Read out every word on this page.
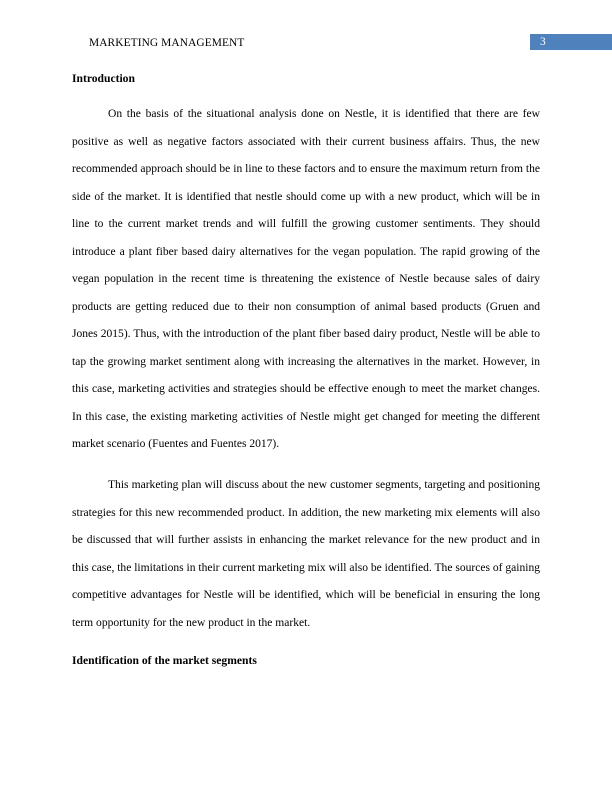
MARKETING MANAGEMENT	3
Introduction

On the basis of the situational analysis done on Nestle, it is identified that there are few positive as well as negative factors associated with their current business affairs. Thus, the new recommended approach should be in line to these factors and to ensure the maximum return from the side of the market. It is identified that nestle should come up with a new product, which will be in line to the current market trends and will fulfill the growing customer sentiments. They should introduce a plant fiber based dairy alternatives for the vegan population. The rapid growing of the vegan population in the recent time is threatening the existence of Nestle because sales of dairy products are getting reduced due to their non consumption of animal based products (Gruen and Jones 2015). Thus, with the introduction of the plant fiber based dairy product, Nestle will be able to tap the growing market sentiment along with increasing the alternatives in the market. However, in this case, marketing activities and strategies should be effective enough to meet the market changes. In this case, the existing marketing activities of Nestle might get changed for meeting the different market scenario (Fuentes and Fuentes 2017).

This marketing plan will discuss about the new customer segments, targeting and positioning strategies for this new recommended product. In addition, the new marketing mix elements will also be discussed that will further assists in enhancing the market relevance for the new product and in this case, the limitations in their current marketing mix will also be identified. The sources of gaining competitive advantages for Nestle will be identified, which will be beneficial in ensuring the long term opportunity for the new product in the market.

Identification of the market segments
